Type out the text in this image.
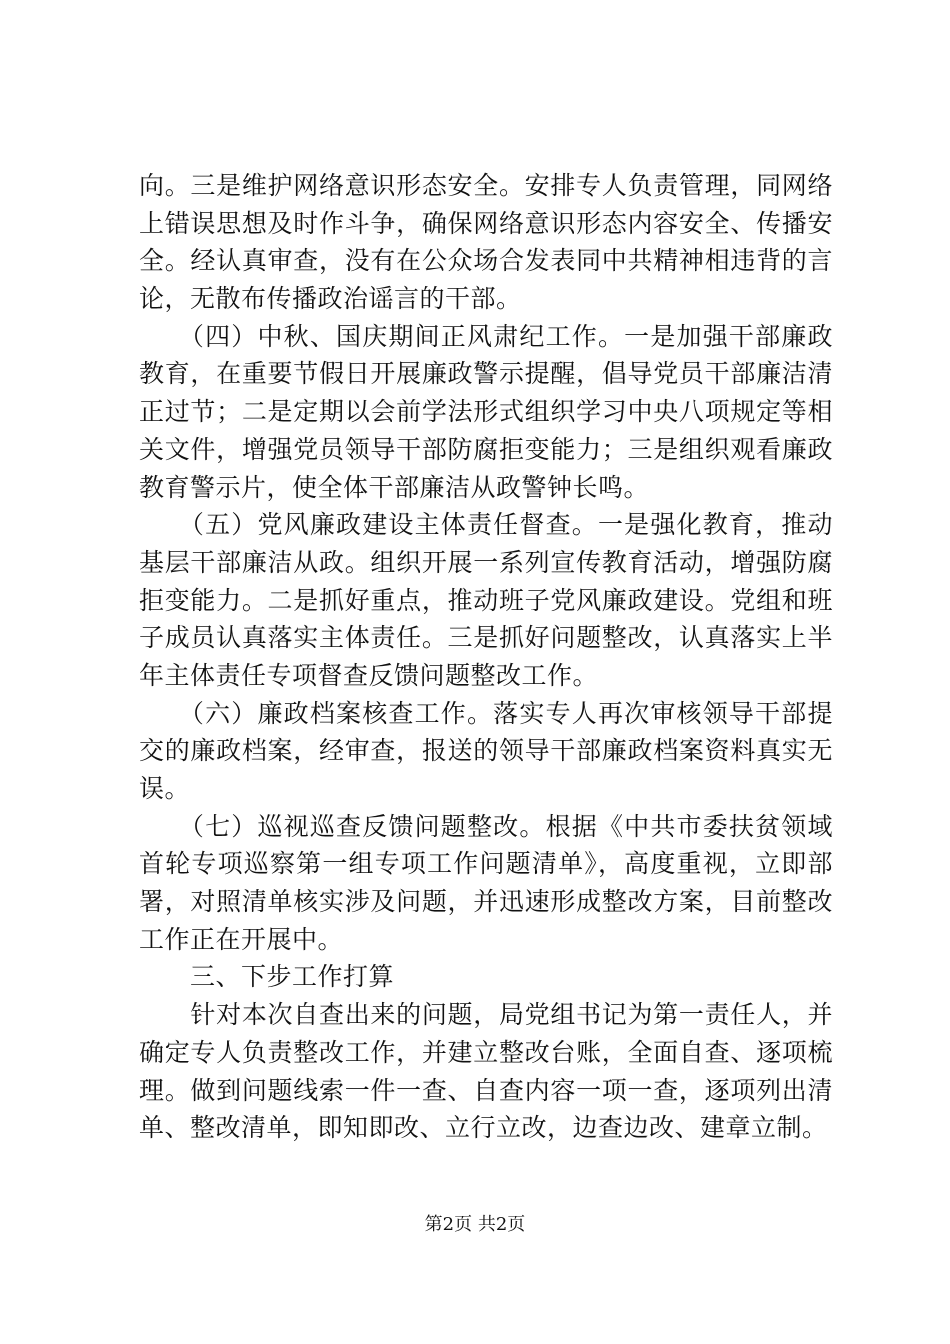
向。三是维护网络意识形态安全。安排专人负责管理，同网络
上错误思想及时作斗争，确保网络意识形态内容安全、传播安
全。经认真审查，没有在公众场合发表同中共精神相违背的言
论，无散布传播政治谣言的干部。
　　（四）中秋、国庆期间正风肃纪工作。一是加强干部廉政
教育，在重要节假日开展廉政警示提醒，倡导党员干部廉洁清
正过节；二是定期以会前学法形式组织学习中央八项规定等相
关文件，增强党员领导干部防腐拒变能力；三是组织观看廉政
教育警示片，使全体干部廉洁从政警钟长鸣。
　　（五）党风廉政建设主体责任督查。一是强化教育，推动
基层干部廉洁从政。组织开展一系列宣传教育活动，增强防腐
拒变能力。二是抓好重点，推动班子党风廉政建设。党组和班
子成员认真落实主体责任。三是抓好问题整改，认真落实上半
年主体责任专项督查反馈问题整改工作。
　　（六）廉政档案核查工作。落实专人再次审核领导干部提
交的廉政档案，经审查，报送的领导干部廉政档案资料真实无
误。
　　（七）巡视巡查反馈问题整改。根据《中共市委扶贫领域
首轮专项巡察第一组专项工作问题清单》，高度重视，立即部
署，对照清单核实涉及问题，并迅速形成整改方案，目前整改
工作正在开展中。
　　三、下步工作打算
　　针对本次自查出来的问题，局党组书记为第一责任人，并
确定专人负责整改工作，并建立整改台账，全面自查、逐项梳
理。做到问题线索一件一查、自查内容一项一查，逐项列出清
单、整改清单，即知即改、立行立改，边查边改、建章立制。
第2页 共2页
